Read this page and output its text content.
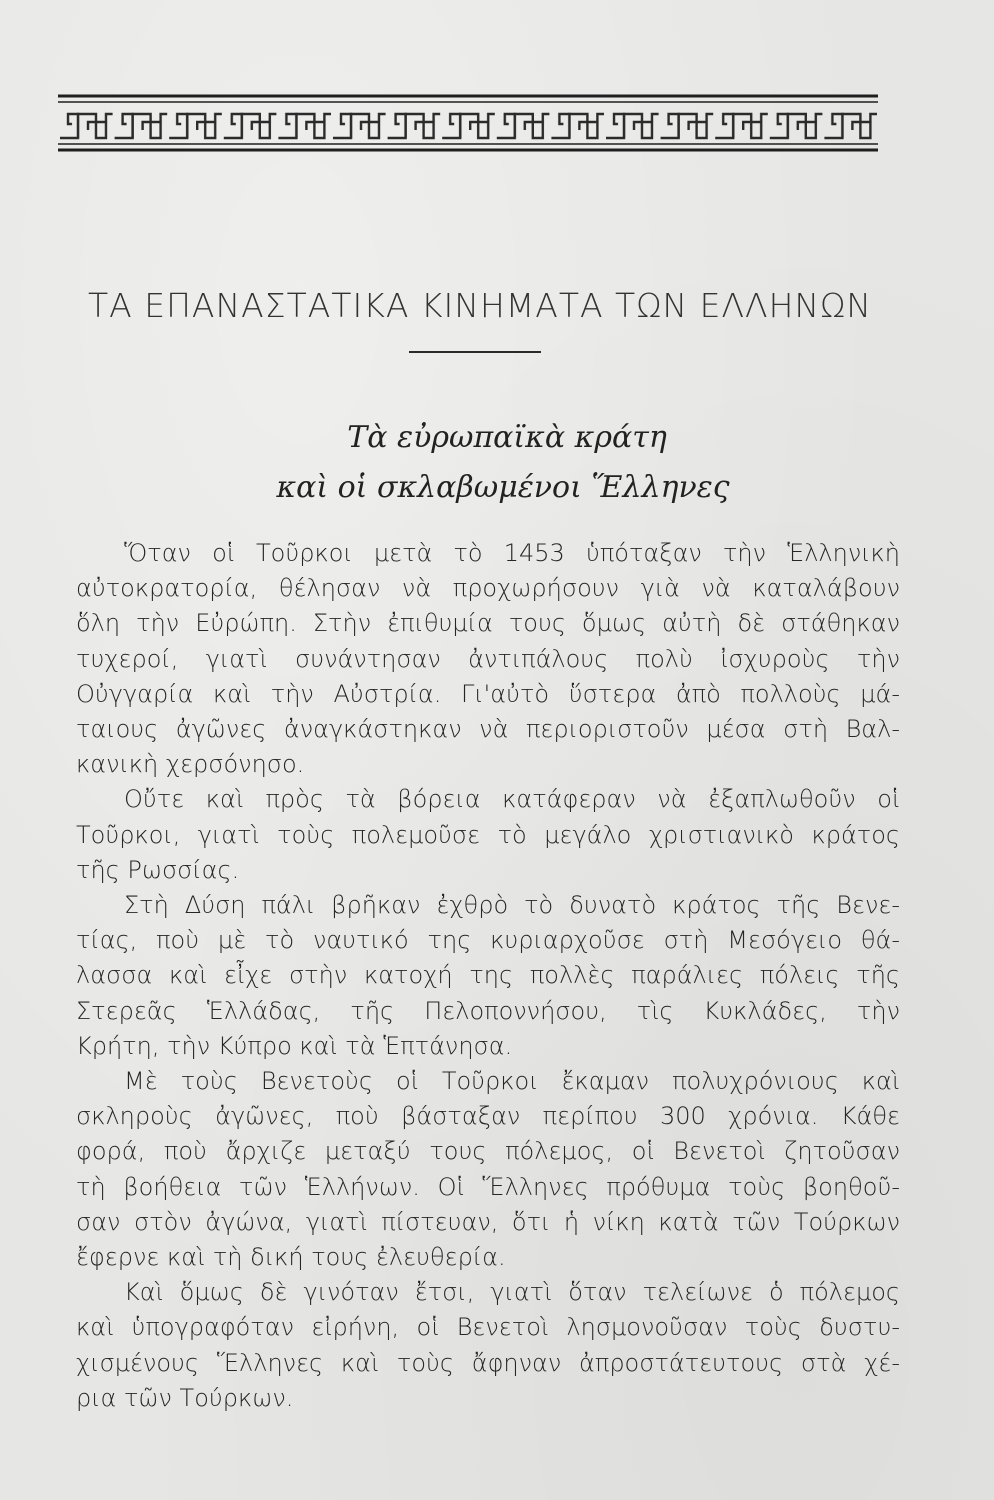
ΤΑ ΕΠΑΝΑΣΤΑΤΙΚΑ ΚΙΝΗΜΑΤΑ ΤΩΝ ΕΛΛΗΝΩΝ
Τὰ εὐρωπαϊκὰ κράτη
καὶ οἱ σκλαβωμένοι Ἕλληνες

Ὅταν οἱ Τοῦρκοι μετὰ τὸ 1453 ὑπόταξαν τὴν Ἑλληνικὴ
αὐτοκρατορία, θέλησαν νὰ προχωρήσουν γιὰ νὰ καταλάβουν
ὅλη τὴν Εὐρώπη. Στὴν ἐπιθυμία τους ὅμως αὐτὴ δὲ στάθηκαν
τυχεροί, γιατὶ συνάντησαν ἀντιπάλους πολὺ ἰσχυροὺς τὴν
Οὐγγαρία καὶ τὴν Αὐστρία. Γι'αὐτὸ ὕστερα ἀπὸ πολλοὺς μά-
ταιους ἀγῶνες ἀναγκάστηκαν νὰ περιοριστοῦν μέσα στὴ Βαλ-
κανικὴ χερσόνησο.

Οὔτε καὶ πρὸς τὰ βόρεια κατάφεραν νὰ ἐξαπλωθοῦν οἱ
Τοῦρκοι, γιατὶ τοὺς πολεμοῦσε τὸ μεγάλο χριστιανικὸ κράτος
τῆς Ρωσσίας.

Στὴ Δύση πάλι βρῆκαν ἐχθρὸ τὸ δυνατὸ κράτος τῆς Βενε-
τίας, ποὺ μὲ τὸ ναυτικό της κυριαρχοῦσε στὴ Μεσόγειο θά-
λασσα καὶ εἶχε στὴν κατοχή της πολλὲς παράλιες πόλεις τῆς
Στερεᾶς Ἑλλάδας, τῆς Πελοποννήσου, τὶς Κυκλάδες, τὴν
Κρήτη, τὴν Κύπρο καὶ τὰ Ἑπτάνησα.

Μὲ τοὺς Βενετοὺς οἱ Τοῦρκοι ἔκαμαν πολυχρόνιους καὶ
σκληροὺς ἀγῶνες, ποὺ βάσταξαν περίπου 300 χρόνια. Κάθε
φορά, ποὺ ἄρχιζε μεταξύ τους πόλεμος, οἱ Βενετοὶ ζητοῦσαν
τὴ βοήθεια τῶν Ἑλλήνων. Οἱ Ἕλληνες πρόθυμα τοὺς βοηθοῦ-
σαν στὸν ἀγώνα, γιατὶ πίστευαν, ὅτι ἡ νίκη κατὰ τῶν Τούρκων
ἔφερνε καὶ τὴ δική τους ἐλευθερία.

Καὶ ὅμως δὲ γινόταν ἔτσι, γιατὶ ὅταν τελείωνε ὁ πόλεμος
καὶ ὑπογραφόταν εἰρήνη, οἱ Βενετοὶ λησμονοῦσαν τοὺς δυστυ-
χισμένους Ἕλληνες καὶ τοὺς ἄφηναν ἀπροστάτευτους στὰ χέ-
ρια τῶν Τούρκων.
